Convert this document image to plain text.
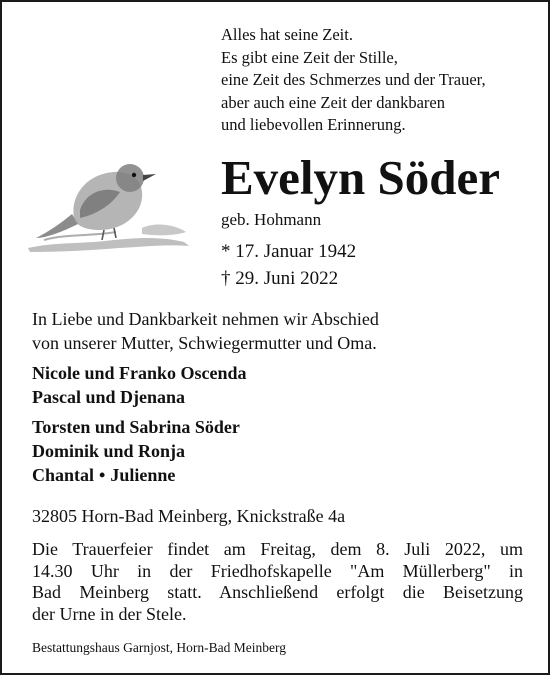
Alles hat seine Zeit.
Es gibt eine Zeit der Stille,
eine Zeit des Schmerzes und der Trauer,
aber auch eine Zeit der dankbaren
und liebevollen Erinnerung.
Evelyn Söder
geb. Hohmann
* 17. Januar 1942
† 29. Juni 2022
In Liebe und Dankbarkeit nehmen wir Abschied
von unserer Mutter, Schwiegermutter und Oma.
Nicole und Franko Oscenda
Pascal und Djenana
Torsten und Sabrina Söder
Dominik und Ronja
Chantal • Julienne
32805 Horn-Bad Meinberg, Knickstraße 4a
Die Trauerfeier findet am Freitag, dem 8. Juli 2022, um
14.30 Uhr in der Friedhofskapelle "Am Müllerberg" in
Bad Meinberg statt. Anschließend erfolgt die Beisetzung
der Urne in der Stele.
Bestattungshaus Garnjost, Horn-Bad Meinberg
